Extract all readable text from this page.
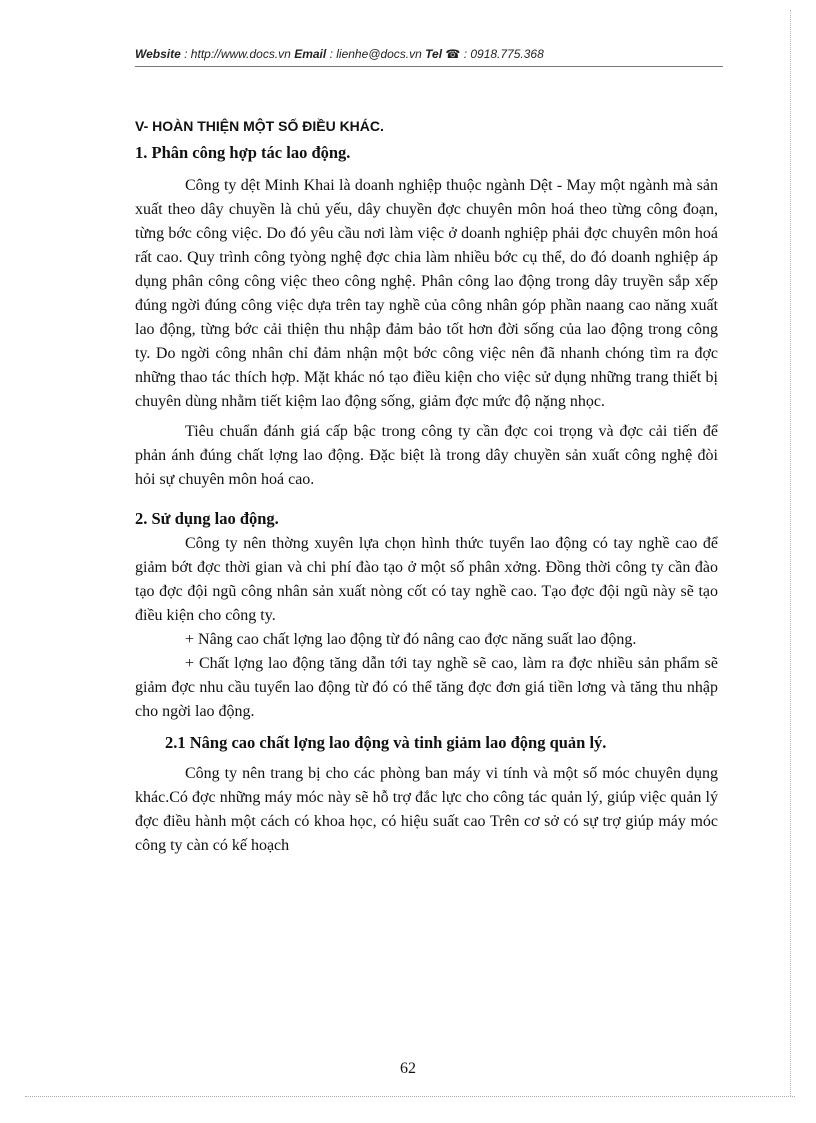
Website : http://www.docs.vn Email : lienhe@docs.vn Tel ☎ : 0918.775.368
V- HOÀN THIỆN MỘT SỐ ĐIỀU KHÁC.
1. Phân công hợp tác lao động.

Công ty dệt Minh Khai là doanh nghiệp thuộc ngành Dệt - May một ngành mà sản xuất theo dây chuyền là chủ yếu, dây chuyền đợc chuyên môn hoá theo từng công đoạn, từng bớc công việc. Do đó yêu cầu nơi làm việc ở doanh nghiệp phải đợc chuyên môn hoá rất cao. Quy trình công tyòng nghệ đợc chia làm nhiều bớc cụ thể, do đó doanh nghiệp áp dụng phân công công việc theo công nghệ. Phân công lao động trong dây truyền sắp xếp đúng ngời đúng công việc dựa trên tay nghề của công nhân góp phần naang cao năng xuất lao động, từng bớc cải thiện thu nhập đảm bảo tốt hơn đời sống của lao động trong công ty. Do ngời công nhân chỉ đảm nhận một bớc công việc nên đã nhanh chóng tìm ra đợc những thao tác thích hợp. Mặt khác nó tạo điều kiện cho việc sử dụng những trang thiết bị chuyên dùng nhằm tiết kiệm lao động sống, giảm đợc mức độ nặng nhọc.

Tiêu chuẩn đánh giá cấp bậc trong công ty cần đợc coi trọng và đợc cải tiến để phản ánh đúng chất lợng lao động. Đặc biệt là trong dây chuyền sản xuất công nghệ đòi hỏi sự chuyên môn hoá cao.

2. Sử dụng lao động.

Công ty nên thờng xuyên lựa chọn hình thức tuyển lao động có tay nghề cao để giảm bớt đợc thời gian và chi phí đào tạo ở một số phân xởng. Đồng thời công ty cần đào tạo đợc đội ngũ công nhân sản xuất nòng cốt có tay nghề cao. Tạo đợc đội ngũ này sẽ tạo điều kiện cho công ty.

+ Nâng cao chất lợng lao động từ đó nâng cao đợc năng suất lao động.

+ Chất lợng lao động tăng dẫn tới tay nghề sẽ cao, làm ra đợc nhiều sản phẩm sẽ giảm đợc nhu cầu tuyển lao động từ đó có thể tăng đợc đơn giá tiền lơng và tăng thu nhập cho ngời lao động.

2.1 Nâng cao chất lợng lao động và tinh giảm lao động quản lý.

Công ty nên trang bị cho các phòng ban máy vi tính và một số móc chuyên dụng khác.Có đợc những máy móc này sẽ hỗ trợ đắc lực cho công tác quản lý, giúp việc quản lý đợc điều hành một cách có khoa học, có hiệu suất cao Trên cơ sở có sự trợ giúp máy móc công ty càn có kế hoạch

62
